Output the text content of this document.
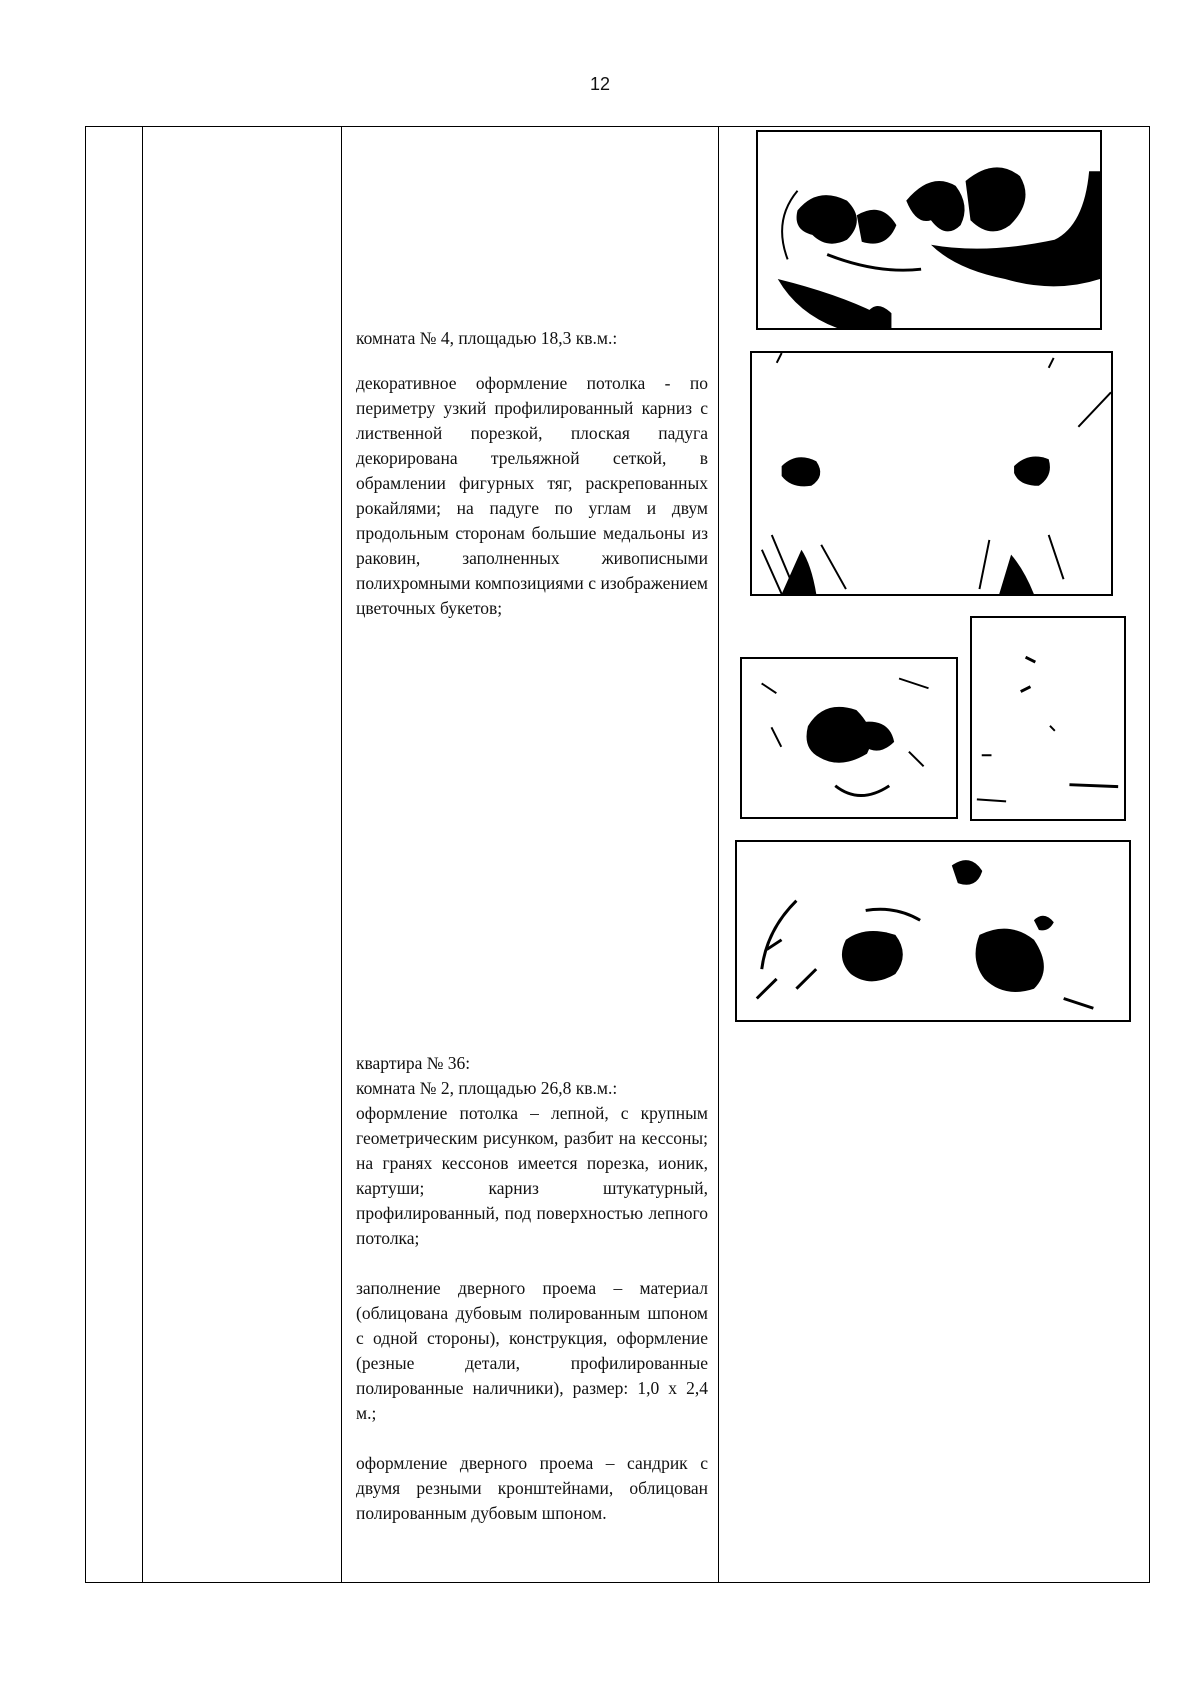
12

комната № 4, площадью 18,3 кв.м.:

декоративное оформление потолка - по периметру узкий профилированный карниз с лиственной порезкой, плоская падуга декорирована трельяжной сеткой, в обрамлении фигурных тяг, раскрепованных рокайлями; на падуге по углам и двум продольным сторонам большие медальоны из раковин, заполненных живописными полихромными композициями с изображением цветочных букетов;

квартира № 36:

комната № 2, площадью 26,8 кв.м.:

оформление потолка – лепной, с крупным геометрическим рисунком, разбит на кессоны; на гранях кессонов имеется порезка, ионик, картуши; карниз штукатурный, профилированный, под поверхностью лепного потолка;

заполнение дверного проема – материал (облицована дубовым полированным шпоном с одной стороны), конструкция, оформление (резные детали, профилированные полированные наличники), размер: 1,0 х 2,4 м.;

оформление дверного проема – сандрик с двумя резными кронштейнами, облицован полированным дубовым шпоном.
